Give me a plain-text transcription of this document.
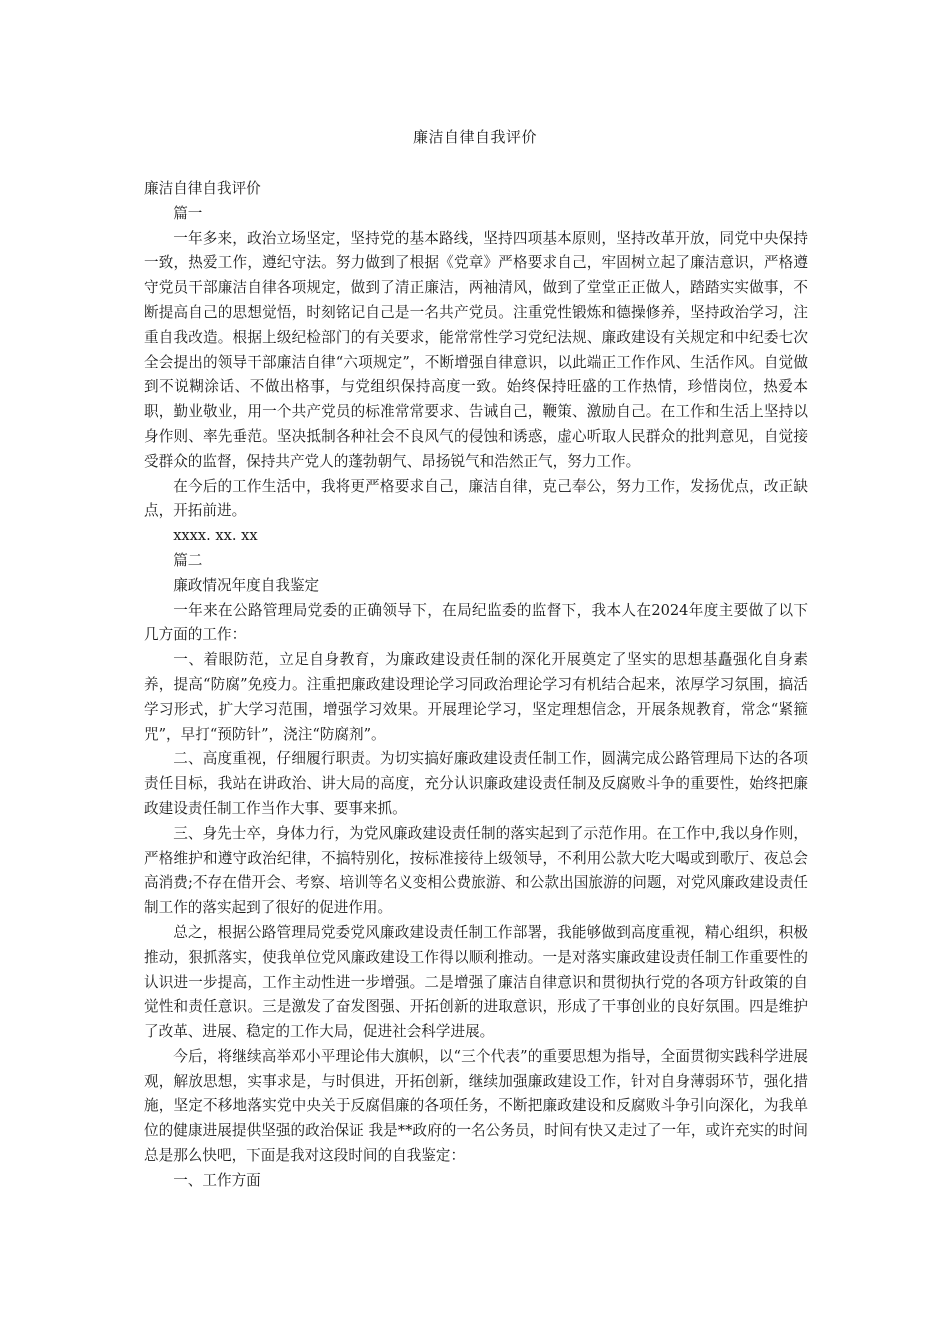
廉洁自律自我评价

廉洁自律自我评价

篇一

一年多来，政治立场坚定，坚持党的基本路线，坚持四项基本原则，坚持改革开放，同党中央保持一致，热爱工作，遵纪守法。努力做到了根据《党章》严格要求自己，牢固树立起了廉洁意识，严格遵守党员干部廉洁自律各项规定，做到了清正廉洁，两袖清风，做到了堂堂正正做人，踏踏实实做事，不断提高自己的思想觉悟，时刻铭记自己是一名共产党员。注重党性锻炼和德操修养，坚持政治学习，注重自我改造。根据上级纪检部门的有关要求，能常常性学习党纪法规、廉政建设有关规定和中纪委七次全会提出的领导干部廉洁自律“六项规定”，不断增强自律意识，以此端正工作作风、生活作风。自觉做到不说糊涂话、不做出格事，与党组织保持高度一致。始终保持旺盛的工作热情，珍惜岗位，热爱本职，勤业敬业，用一个共产党员的标准常常要求、告诫自己，鞭策、激励自己。在工作和生活上坚持以身作则、率先垂范。坚决抵制各种社会不良风气的侵蚀和诱惑，虚心听取人民群众的批判意见，自觉接受群众的监督，保持共产党人的蓬勃朝气、昂扬锐气和浩然正气，努力工作。

在今后的工作生活中，我将更严格要求自己，廉洁自律，克己奉公，努力工作，发扬优点，改正缺点，开拓前进。

xxxx. xx. xx

篇二

廉政情况年度自我鉴定

一年来在公路管理局党委的正确领导下，在局纪监委的监督下，我本人在2024年度主要做了以下几方面的工作：

一、着眼防范，立足自身教育，为廉政建设责任制的深化开展奠定了坚实的思想基矗强化自身素养，提高“防腐”免疫力。注重把廉政建设理论学习同政治理论学习有机结合起来，浓厚学习氛围，搞活学习形式，扩大学习范围，增强学习效果。开展理论学习，坚定理想信念，开展条规教育，常念“紧箍咒”，早打“预防针”，浇注“防腐剂”。

二、高度重视，仔细履行职责。为切实搞好廉政建设责任制工作，圆满完成公路管理局下达的各项责任目标，我站在讲政治、讲大局的高度，充分认识廉政建设责任制及反腐败斗争的重要性，始终把廉政建设责任制工作当作大事、要事来抓。

三、身先士卒，身体力行，为党风廉政建设责任制的落实起到了示范作用。在工作中,我以身作则，严格维护和遵守政治纪律，不搞特别化，按标准接待上级领导，不利用公款大吃大喝或到歌厅、夜总会高消费;不存在借开会、考察、培训等名义变相公费旅游、和公款出国旅游的问题，对党风廉政建设责任制工作的落实起到了很好的促进作用。

总之，根据公路管理局党委党风廉政建设责任制工作部署，我能够做到高度重视，精心组织，积极推动，狠抓落实，使我单位党风廉政建设工作得以顺利推动。一是对落实廉政建设责任制工作重要性的认识进一步提高，工作主动性进一步增强。二是增强了廉洁自律意识和贯彻执行党的各项方针政策的自觉性和责任意识。三是激发了奋发图强、开拓创新的进取意识，形成了干事创业的良好氛围。四是维护了改革、进展、稳定的工作大局，促进社会科学进展。

今后，将继续高举邓小平理论伟大旗帜，以“三个代表”的重要思想为指导，全面贯彻实践科学进展观，解放思想，实事求是，与时俱进，开拓创新，继续加强廉政建设工作，针对自身薄弱环节，强化措施，坚定不移地落实党中央关于反腐倡廉的各项任务，不断把廉政建设和反腐败斗争引向深化，为我单位的健康进展提供坚强的政治保证 我是**政府的一名公务员，时间有快又走过了一年，或许充实的时间总是那么快吧，下面是我对这段时间的自我鉴定：

一、工作方面
